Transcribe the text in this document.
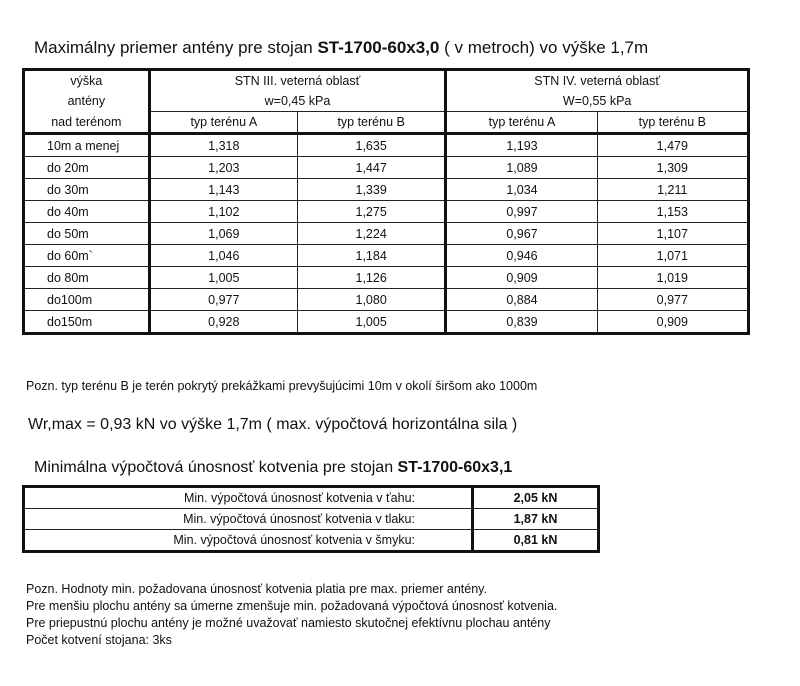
Maximálny priemer antény pre stojan ST-1700-60x3,0 ( v metroch) vo výške 1,7m
výška	STN III. veterná oblasť		STN IV. veterná oblasť	
antény	w=0,45 kPa		W=0,55 kPa	
nad terénom	typ terénu A	typ terénu B	typ terénu A	typ terénu B
10m a menej	1,318	1,635	1,193	1,479
do 20m	1,203	1,447	1,089	1,309
do 30m	1,143	1,339	1,034	1,211
do 40m	1,102	1,275	0,997	1,153
do 50m	1,069	1,224	0,967	1,107
do 60m`	1,046	1,184	0,946	1,071
do 80m	1,005	1,126	0,909	1,019
do100m	0,977	1,080	0,884	0,977
do150m	0,928	1,005	0,839	0,909
Pozn. typ terénu B je terén pokrytý prekážkami prevyšujúcimi 10m v okolí širšom ako 1000m
Wr,max = 0,93 kN vo výške 1,7m ( max. výpočtová horizontálna sila )
Minimálna výpočtová únosnosť kotvenia pre stojan ST-1700-60x3,1
Min. výpočtová únosnosť kotvenia v ťahu:	2,05 kN
Min. výpočtová únosnosť kotvenia v tlaku:	1,87 kN
Min. výpočtová únosnosť kotvenia v šmyku:	0,81 kN
Pozn. Hodnoty min. požadovana únosnosť kotvenia platia pre max. priemer antény.
Pre menšiu plochu antény sa úmerne zmenšuje min. požadovaná výpočtová únosnosť kotvenia.
Pre priepustnú plochu antény je možné uvažovať namiesto skutočnej efektívnu plochau antény
Počet kotvení stojana: 3ks
